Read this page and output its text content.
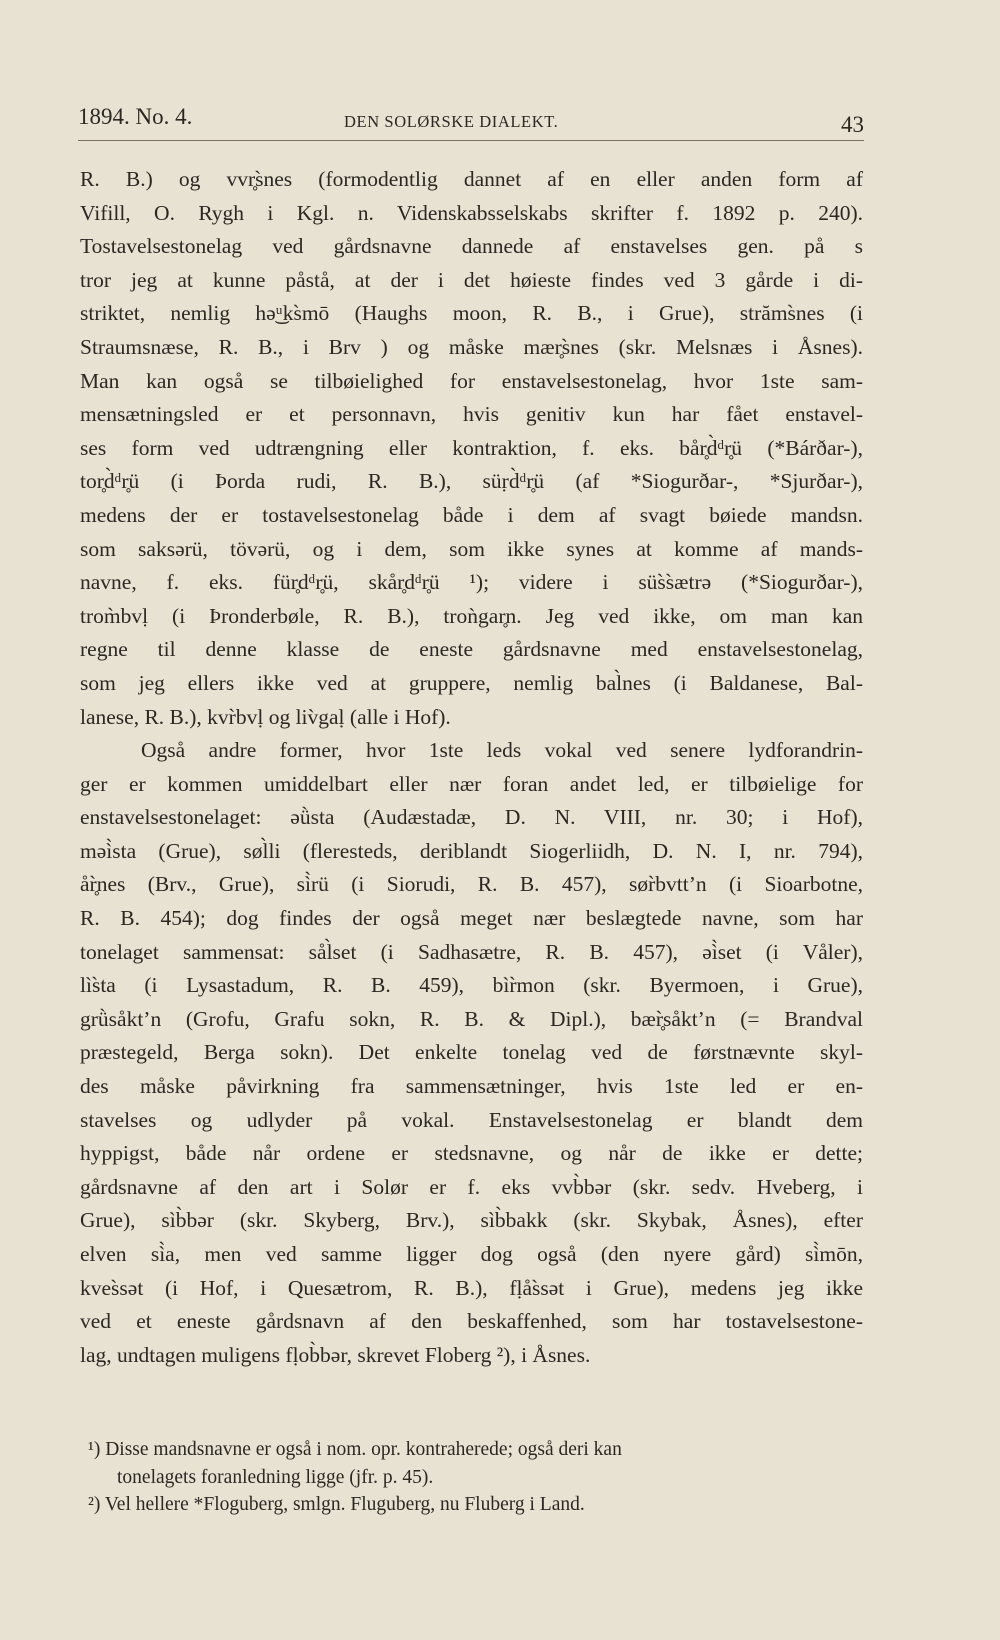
1894. No. 4.	DEN SOLØRSKE DIALEKT.	43
R. B.) og vvr̥s̀nes (formodentlig dannet af en eller anden form af
Vifill, O. Rygh i Kgl. n. Videnskabsselskabs skrifter f. 1892 p. 240).
Tostavelsestonelag ved gårdsnavne dannede af enstavelses gen. på s
tror jeg at kunne påstå, at der i det høieste findes ved 3 gårde i di-
striktet, nemlig hə͜ᵘks̀mō (Haughs moon, R. B., i Grue), străms̀nes (i
Straumsnæse, R. B., i Brv ) og måske mær̥s̀nes (skr. Melsnæs i Åsnes).
Man kan også se tilbøielighed for enstavelsestonelag, hvor 1ste sam-
mensætningsled er et personnavn, hvis genitiv kun har fået enstavel-
ses form ved udtrængning eller kontraktion, f. eks. bår̥d̀ᵈr̥ü (*Bárðar-),
tor̥d̀ᵈr̥ü (i Þorda rudi, R. B.), süṛd̀ᵈr̥ü (af *Siogurðar-, *Sjurðar-),
medens der er tostavelsestonelag både i dem af svagt bøiede mandsn.
som saksərü, tövərü, og i dem, som ikke synes at komme af mands-
navne, f. eks. für̥dᵈr̥ü, skår̥dᵈr̥ü ¹); videre i süs̀s̀ætrə (*Siogurðar-),
trom̀bvḷ (i Þronderbøle, R. B.), troǹgar̥n. Jeg ved ikke, om man kan
regne til denne klasse de eneste gårdsnavne med enstavelsestonelag,
som jeg ellers ikke ved at gruppere, nemlig bal̀nes (i Baldanese, Bal-
lanese, R. B.), kvr̀bvḷ og liv̀gaḷ (alle i Hof).
Også andre former, hvor 1ste leds vokal ved senere lydforandrin-
ger er kommen umiddelbart eller nær foran andet led, er tilbøielige for
enstavelsestonelaget: əǜsta (Audæstadæ, D. N. VIII, nr. 30; i Hof),
məì̀sta (Grue), søl̀li (fleresteds, deriblandt Siogerliidh, D. N. I, nr. 794),
år̥̀nes (Brv., Grue), sì̀rü (i Siorudi, R. B. 457), sør̀bvtt’n (i Sioarbotne,
R. B. 454); dog findes der også meget nær beslægtede navne, som har
tonelaget sammensat: sål̀set (i Sadhasætre, R. B. 457), əì̀set (i Våler),
lìs̀ta (i Lysastadum, R. B. 459), bìr̀mon (skr. Byermoen, i Grue),
grǜsåkt’n (Grofu, Grafu sokn, R. B. & Dipl.), bær̥̀såkt’n (= Brandval
præstegeld, Berga sokn). Det enkelte tonelag ved de førstnævnte skyl-
des måske påvirkning fra sammensætninger, hvis 1ste led er en-
stavelses og udlyder på vokal. Enstavelsestonelag er blandt dem
hyppigst, både når ordene er stedsnavne, og når de ikke er dette;
gårdsnavne af den art i Solør er f. eks vvb̀bər (skr. sedv. Hveberg, i
Grue), sìb̀bər (skr. Skyberg, Brv.), sìb̀bakk (skr. Skybak, Åsnes), efter
elven sì̀a, men ved samme ligger dog også (den nyere gård) sì̀mōn,
kves̀sət (i Hof, i Quesætrom, R. B.), fḷås̀sət i Grue), medens jeg ikke
ved et eneste gårdsnavn af den beskaffenhed, som har tostavelsestone-
lag, undtagen muligens fḷob̀bər, skrevet Floberg ²), i Åsnes.
¹) Disse mandsnavne er også i nom. opr. kontraherede; også deri kan
tonelagets foranledning ligge (jfr. p. 45).
²) Vel hellere *Floguberg, smlgn. Fluguberg, nu Fluberg i Land.
